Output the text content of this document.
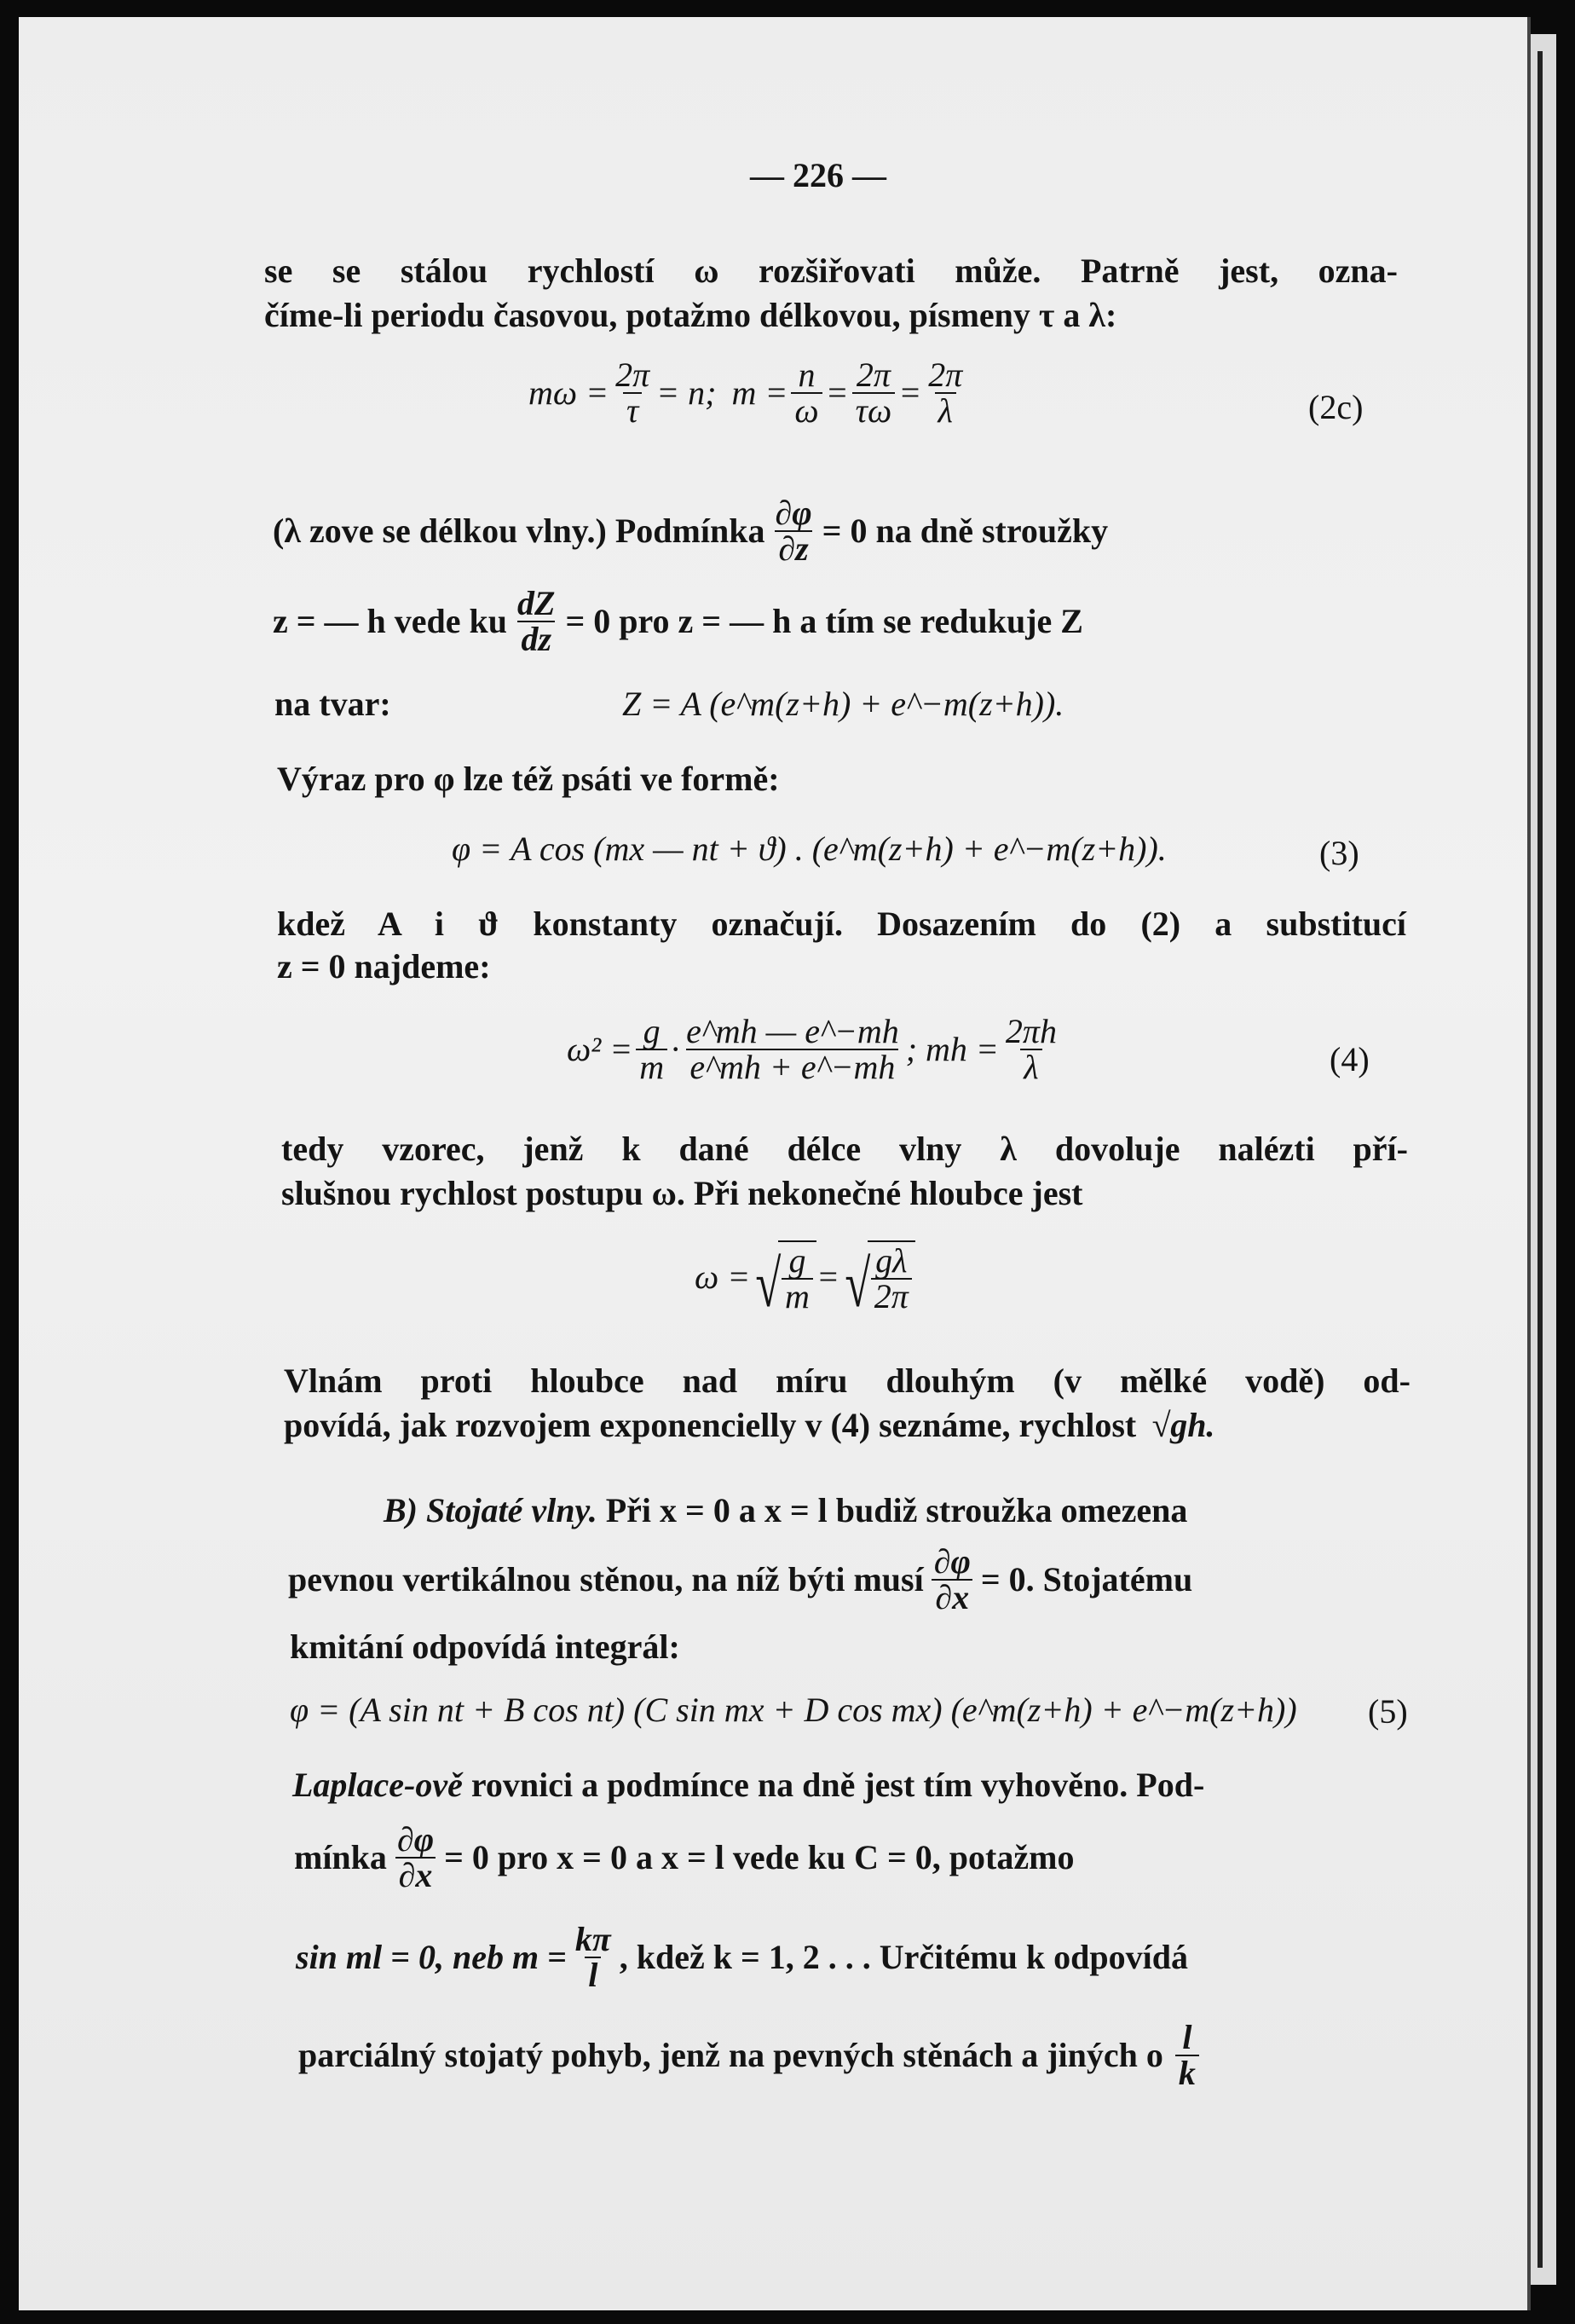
— 226 —
se se stálou rychlostí ω rozšiřovati může. Patrně jest, ozna-
číme-li periodu časovou, potažmo délkovou, písmeny τ a λ:
$m\omega = \frac{2\pi}{\tau} = n$; $m = \frac{n}{\omega} = \frac{2\pi}{\tau\omega} = \frac{2\pi}{\lambda}$	(2c)
(λ zove se délkou vlny.) Podmínka $\frac{\partial\varphi}{\partial z} = 0$ na dně stroužky
z = — h vede ku $\frac{dZ}{dz} = 0$ pro z = — h a tím se redukuje Z
na tvar:	Z = A (e^m(z+h) + e^−m(z+h)).
Výraz pro φ lze též psáti ve formě:
φ = A cos (mx — nt + ϑ) . (e^m(z+h) + e^−m(z+h)).	(3)
kdež A i ϑ konstanty označují. Dosazením do (2) a substitucí
z = 0 najdeme:
$\omega^2 = \frac{g}{m} \cdot \frac{e\^{}mh — e\^{}-mh}{e\^{}mh + e\^{}-mh}$ ; mh = $\frac{2\pi h}{\lambda}$	(4)
tedy vzorec, jenž k dané délce vlny λ dovoluje nalézti pří-
slušnou rychlost postupu ω. Při nekonečné hloubce jest
ω = √ $\frac{g}{m}$ = √ $\frac{g\lambda}{2\pi}$
Vlnám proti hloubce nad míru dlouhým (v mělké vodě) od-
povídá, jak rozvojem exponencielly v (4) seznáme, rychlost √gh.
B) Stojaté vlny. Při x = 0 a x = l budiž stroužka omezena
pevnou vertikálnou stěnou, na níž býti musí $\frac{\partial\varphi}{\partial x} = 0$. Stojatému
kmitání odpovídá integrál:
φ = (A sin nt + B cos nt) (C sin mx + D cos mx) (e^m(z+h) + e^−m(z+h)) (5)
Laplace-ově rovnici a podmínce na dně jest tím vyhověno. Pod-
mínka $\frac{\partial\varphi}{\partial x} = 0$ pro x = 0 a x = l vede ku C = 0, potažmo
sin ml = 0, neb $m = \frac{k\pi}{l}$ , kdež k = 1, 2 . . . Určitému k odpovídá
parciálný stojatý pohyb, jenž na pevných stěnách a jiných o $\frac{l}{k}$
